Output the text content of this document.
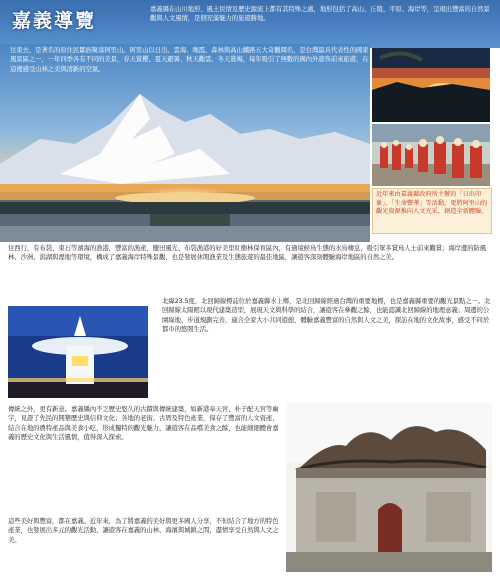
嘉義導覽
嘉義縣在山川地形、風土民情及歷史源流上都有其特殊之處，地形包括了高山、丘陵、平原、海岸等，呈現出豐富的自然景觀與人文風情，是個充滿魅力的旅遊勝地。
往東去，是著名的原住民鄒族聚落阿里山。阿里山以日出、雲海、晚霞、森林與高山鐵路五大奇觀聞名，是台灣最具代表性的國家風景區之一，一年四季各有不同的美景，春天賞櫻、夏天避暑、秋天觀雲、冬天賞梅，每年吸引了無數的國內外遊客前來旅遊，在這裡感受山林之美與清新的空氣。
近年來由嘉義縣政府所主辦的「日出印象」、「生命豐華」等活動，更將阿里山的觀光資源推向人文光采，創造全新體驗。
往西行，有布袋、東石等濱海的漁港，豐富的漁產、鹽田風光、布袋漁港的好美里紅樹林保育區內，有過境候鳥生態的水鳥棲息，吸引眾多賞鳥人士前來觀賞；海岸邊的防風林、沙洲、潟湖與溼地等環境，構成了嘉義海岸特殊景觀，也是發展休閒漁業及生態旅遊的最佳地區，讓遊客深刻體驗海岸地區的自然之美。
北緯23.5度，北回歸線標誌位於嘉義縣水上鄉，是北回歸線經過台灣的重要地標，也是嘉義縣重要的觀光景點之一。北回歸線太陽館以現代建築造型，展現天文與科學的結合，讓遊客在參觀之餘，也能認識北回歸線的地理意義；周邊的公園綠地、步道規劃完善，適合全家大小共同遊憩，體驗嘉義豐富的自然與人文之美，探訪在地的文化故事，感受不同於都市的悠閒生活。
傳統之外，更有新意。嘉義縣內不乏歷史悠久的古蹟與傳統建築，如新港奉天宮、朴子配天宮等廟宇，見證了先民的開墾歷史與信仰文化；各地的老街、古厝及特色產業，保存了豐富的人文資產，結合在地的農特產品與美食小吃，形成獨特的觀光魅力，讓遊客在品嚐美食之餘，也能細細體會嘉義的歷史文化與生活風情，值得深入探索。
這些美好與豐富，都在嘉義。近年來，為了將嘉義的美好與更多國人分享，不但結合了地方的特色產業，也發展出多元的觀光活動，讓遊客在嘉義的山林、海濱與城鎮之間，盡情享受自然與人文之美。
